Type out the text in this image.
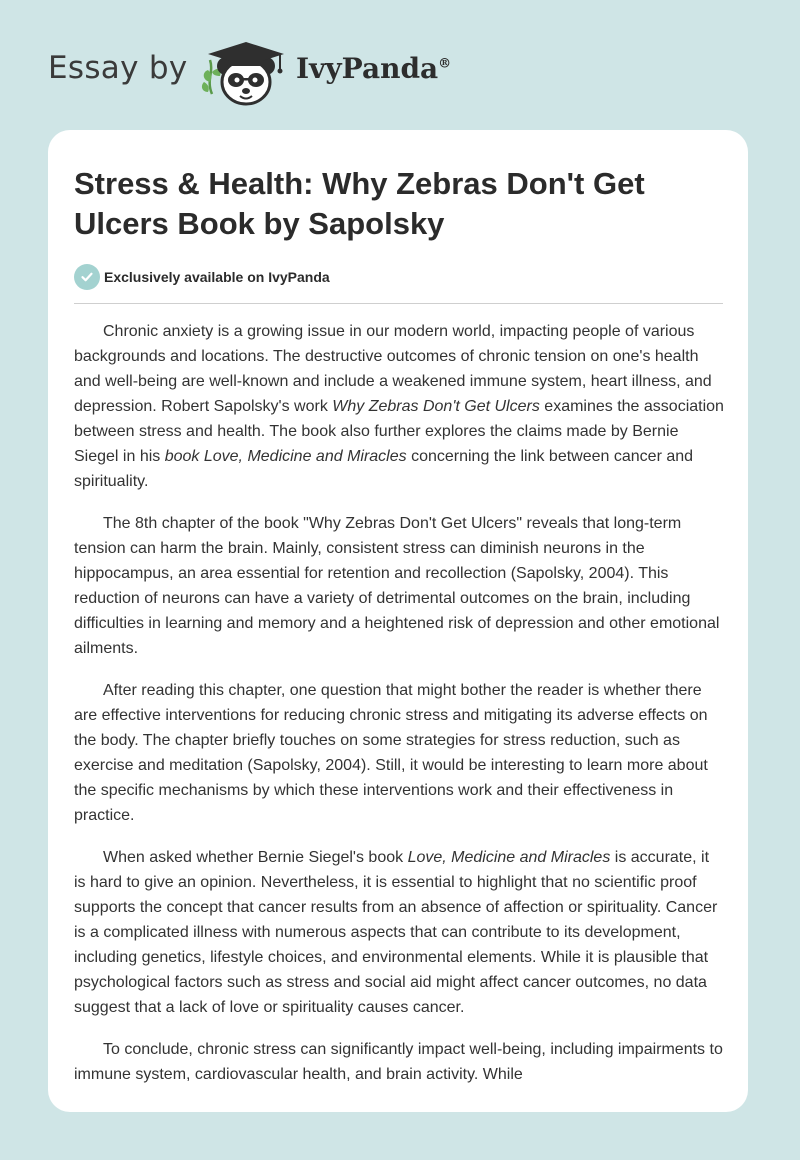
Essay by	IvyPanda®
Stress & Health: Why Zebras Don't Get Ulcers Book by Sapolsky
Exclusively available on IvyPanda

Chronic anxiety is a growing issue in our modern world, impacting people of various backgrounds and locations. The destructive outcomes of chronic tension on one's health and well-being are well-known and include a weakened immune system, heart illness, and depression. Robert Sapolsky's work Why Zebras Don't Get Ulcers examines the association between stress and health. The book also further explores the claims made by Bernie Siegel in his book Love, Medicine and Miracles concerning the link between cancer and spirituality.

The 8th chapter of the book "Why Zebras Don't Get Ulcers" reveals that long-term tension can harm the brain. Mainly, consistent stress can diminish neurons in the hippocampus, an area essential for retention and recollection (Sapolsky, 2004). This reduction of neurons can have a variety of detrimental outcomes on the brain, including difficulties in learning and memory and a heightened risk of depression and other emotional ailments.

After reading this chapter, one question that might bother the reader is whether there are effective interventions for reducing chronic stress and mitigating its adverse effects on the body. The chapter briefly touches on some strategies for stress reduction, such as exercise and meditation (Sapolsky, 2004). Still, it would be interesting to learn more about the specific mechanisms by which these interventions work and their effectiveness in practice.

When asked whether Bernie Siegel's book Love, Medicine and Miracles is accurate, it is hard to give an opinion. Nevertheless, it is essential to highlight that no scientific proof supports the concept that cancer results from an absence of affection or spirituality. Cancer is a complicated illness with numerous aspects that can contribute to its development, including genetics, lifestyle choices, and environmental elements. While it is plausible that psychological factors such as stress and social aid might affect cancer outcomes, no data suggest that a lack of love or spirituality causes cancer.

To conclude, chronic stress can significantly impact well-being, including impairments to immune system, cardiovascular health, and brain activity. While
